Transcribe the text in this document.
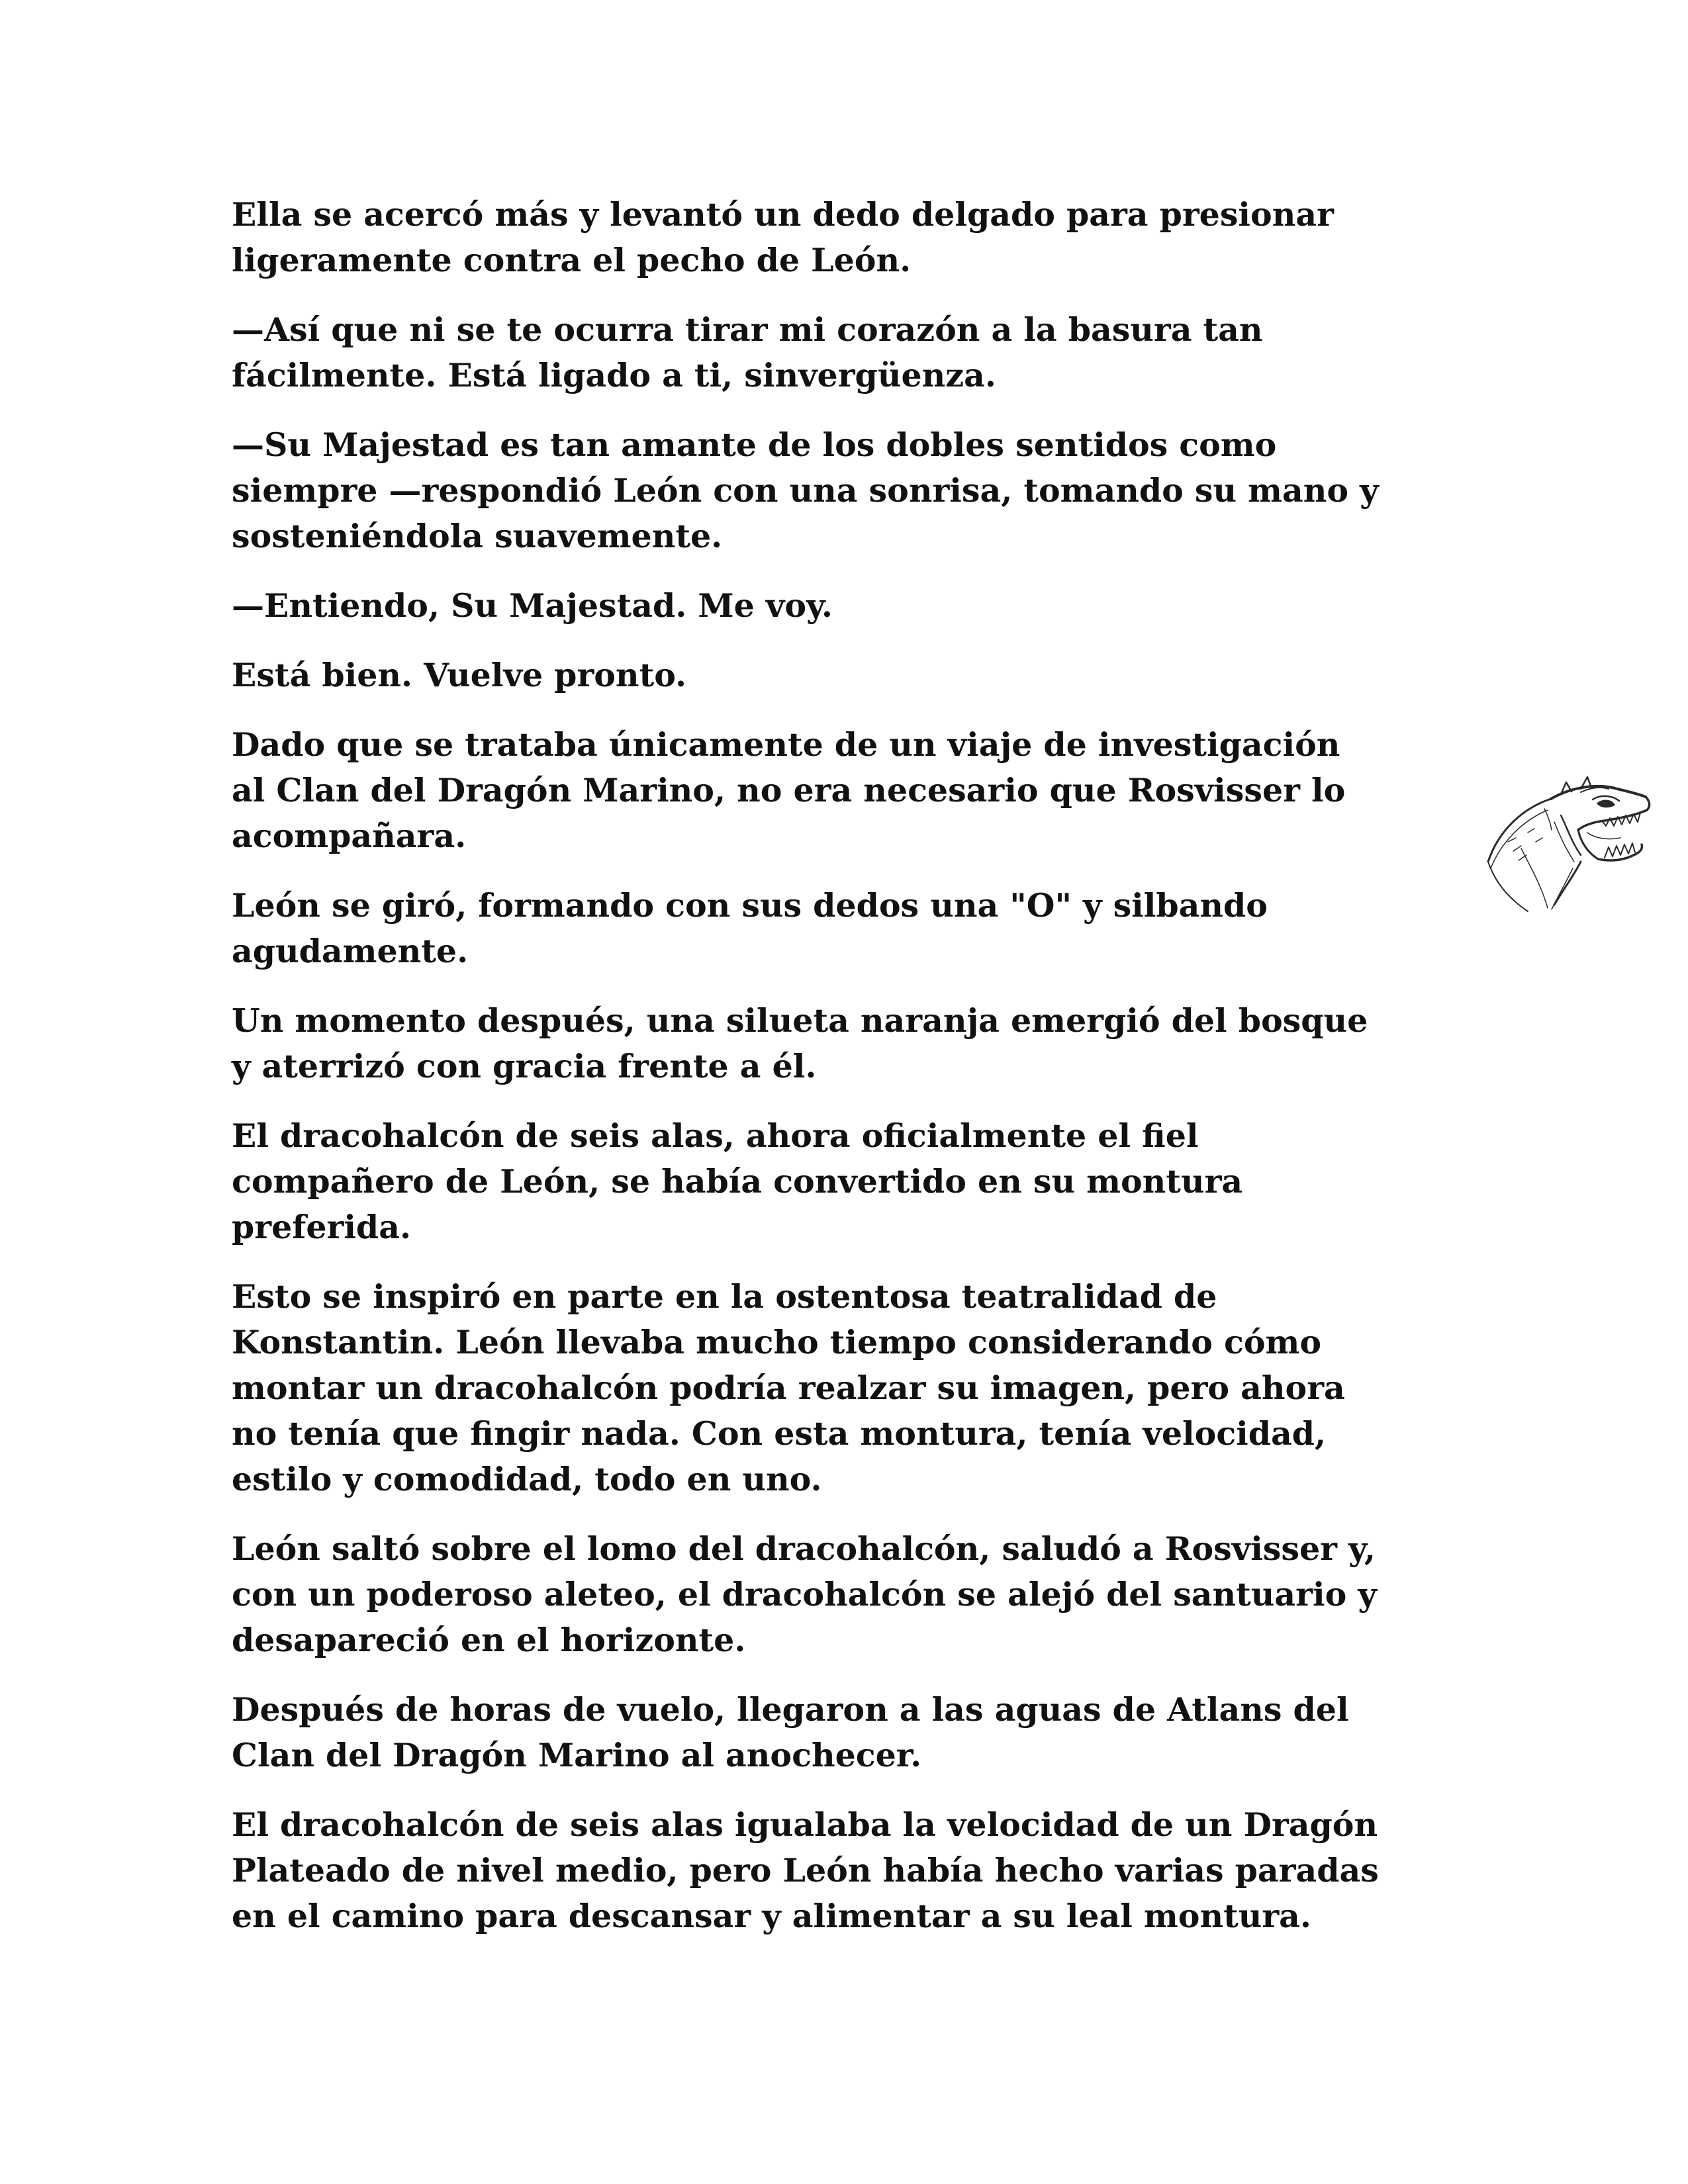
Ella se acercó más y levantó un dedo delgado para presionar
ligeramente contra el pecho de León.

—Así que ni se te ocurra tirar mi corazón a la basura tan
fácilmente. Está ligado a ti, sinvergüenza.

—Su Majestad es tan amante de los dobles sentidos como
siempre —respondió León con una sonrisa, tomando su mano y
sosteniéndola suavemente.

—Entiendo, Su Majestad. Me voy.

Está bien. Vuelve pronto.

Dado que se trataba únicamente de un viaje de investigación
al Clan del Dragón Marino, no era necesario que Rosvisser lo
acompañara.

León se giró, formando con sus dedos una "O" y silbando
agudamente.

Un momento después, una silueta naranja emergió del bosque
y aterrizó con gracia frente a él.

El dracohalcón de seis alas, ahora oficialmente el fiel
compañero de León, se había convertido en su montura
preferida.

Esto se inspiró en parte en la ostentosa teatralidad de
Konstantin. León llevaba mucho tiempo considerando cómo
montar un dracohalcón podría realzar su imagen, pero ahora
no tenía que fingir nada. Con esta montura, tenía velocidad,
estilo y comodidad, todo en uno.

León saltó sobre el lomo del dracohalcón, saludó a Rosvisser y,
con un poderoso aleteo, el dracohalcón se alejó del santuario y
desapareció en el horizonte.

Después de horas de vuelo, llegaron a las aguas de Atlans del
Clan del Dragón Marino al anochecer.

El dracohalcón de seis alas igualaba la velocidad de un Dragón
Plateado de nivel medio, pero León había hecho varias paradas
en el camino para descansar y alimentar a su leal montura.
